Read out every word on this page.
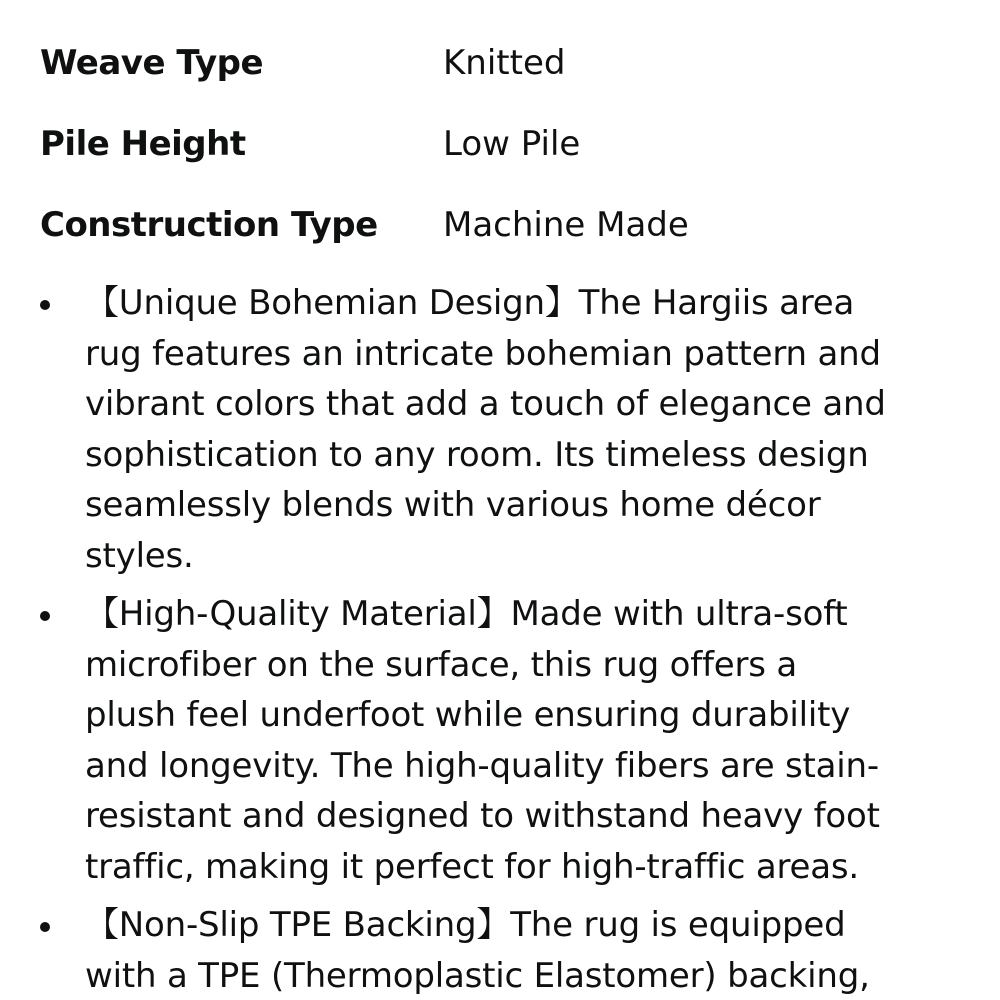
Weave Type	Knitted
Pile Height	Low Pile
Construction Type	Machine Made
【Unique Bohemian Design】The Hargiis area
rug features an intricate bohemian pattern and
vibrant colors that add a touch of elegance and
sophistication to any room. Its timeless design
seamlessly blends with various home décor
styles.
【High-Quality Material】Made with ultra-soft
microfiber on the surface, this rug offers a
plush feel underfoot while ensuring durability
and longevity. The high-quality fibers are stain-
resistant and designed to withstand heavy foot
traffic, making it perfect for high-traffic areas.
【Non-Slip TPE Backing】The rug is equipped
with a TPE (Thermoplastic Elastomer) backing,
